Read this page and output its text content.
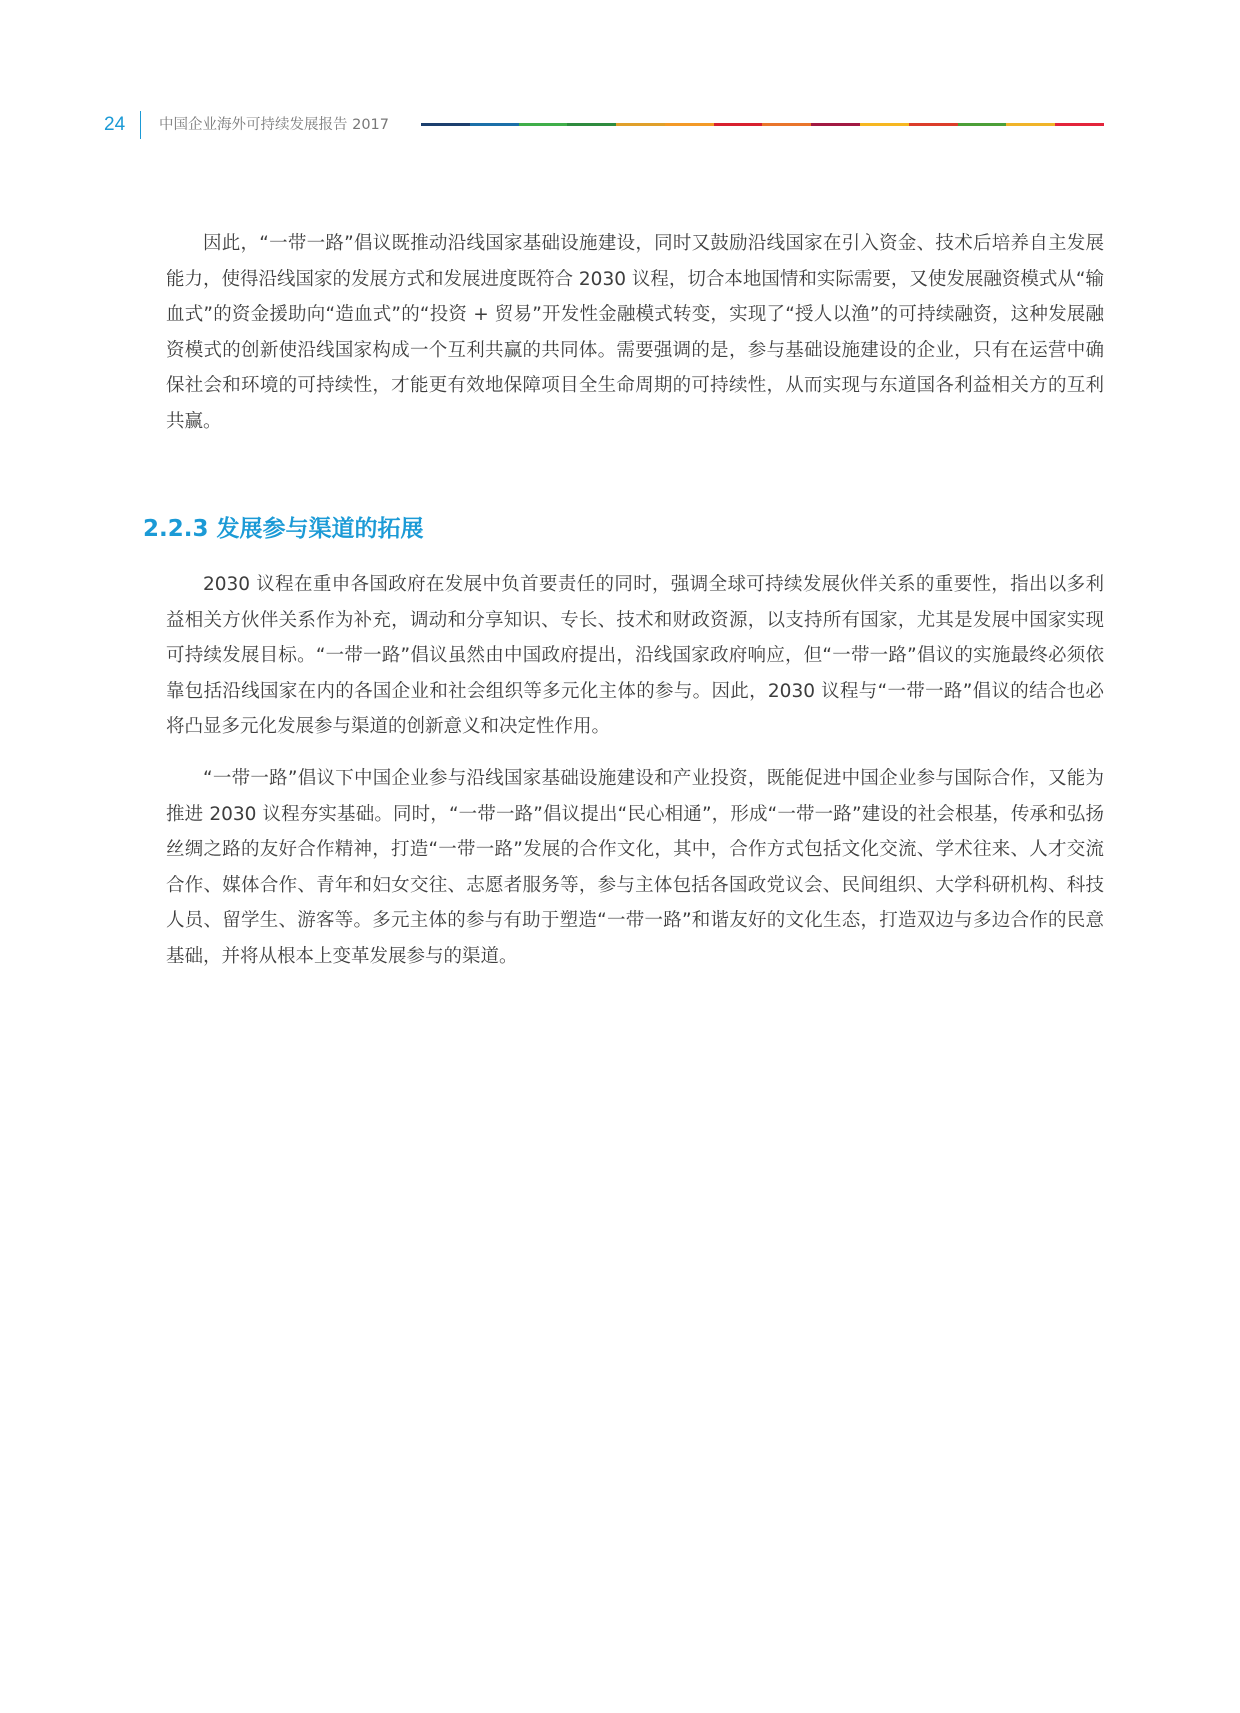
24 中国企业海外可持续发展报告 2017

因此，“一带一路”倡议既推动沿线国家基础设施建设，同时又鼓励沿线国家在引入资金、技术后培养自主发展能力，使得沿线国家的发展方式和发展进度既符合 2030 议程，切合本地国情和实际需要，又使发展融资模式从“输血式”的资金援助向“造血式”的“投资 + 贸易”开发性金融模式转变，实现了“授人以渔”的可持续融资，这种发展融资模式的创新使沿线国家构成一个互利共赢的共同体。需要强调的是，参与基础设施建设的企业，只有在运营中确保社会和环境的可持续性，才能更有效地保障项目全生命周期的可持续性，从而实现与东道国各利益相关方的互利共赢。

2.2.3 发展参与渠道的拓展

2030 议程在重申各国政府在发展中负首要责任的同时，强调全球可持续发展伙伴关系的重要性，指出以多利益相关方伙伴关系作为补充，调动和分享知识、专长、技术和财政资源，以支持所有国家，尤其是发展中国家实现可持续发展目标。“一带一路”倡议虽然由中国政府提出，沿线国家政府响应，但“一带一路”倡议的实施最终必须依靠包括沿线国家在内的各国企业和社会组织等多元化主体的参与。因此，2030 议程与“一带一路”倡议的结合也必将凸显多元化发展参与渠道的创新意义和决定性作用。

“一带一路”倡议下中国企业参与沿线国家基础设施建设和产业投资，既能促进中国企业参与国际合作，又能为推进 2030 议程夯实基础。同时，“一带一路”倡议提出“民心相通”，形成“一带一路”建设的社会根基，传承和弘扬丝绸之路的友好合作精神，打造“一带一路”发展的合作文化，其中，合作方式包括文化交流、学术往来、人才交流合作、媒体合作、青年和妇女交往、志愿者服务等，参与主体包括各国政党议会、民间组织、大学科研机构、科技人员、留学生、游客等。多元主体的参与有助于塑造“一带一路”和谐友好的文化生态，打造双边与多边合作的民意基础，并将从根本上变革发展参与的渠道。
